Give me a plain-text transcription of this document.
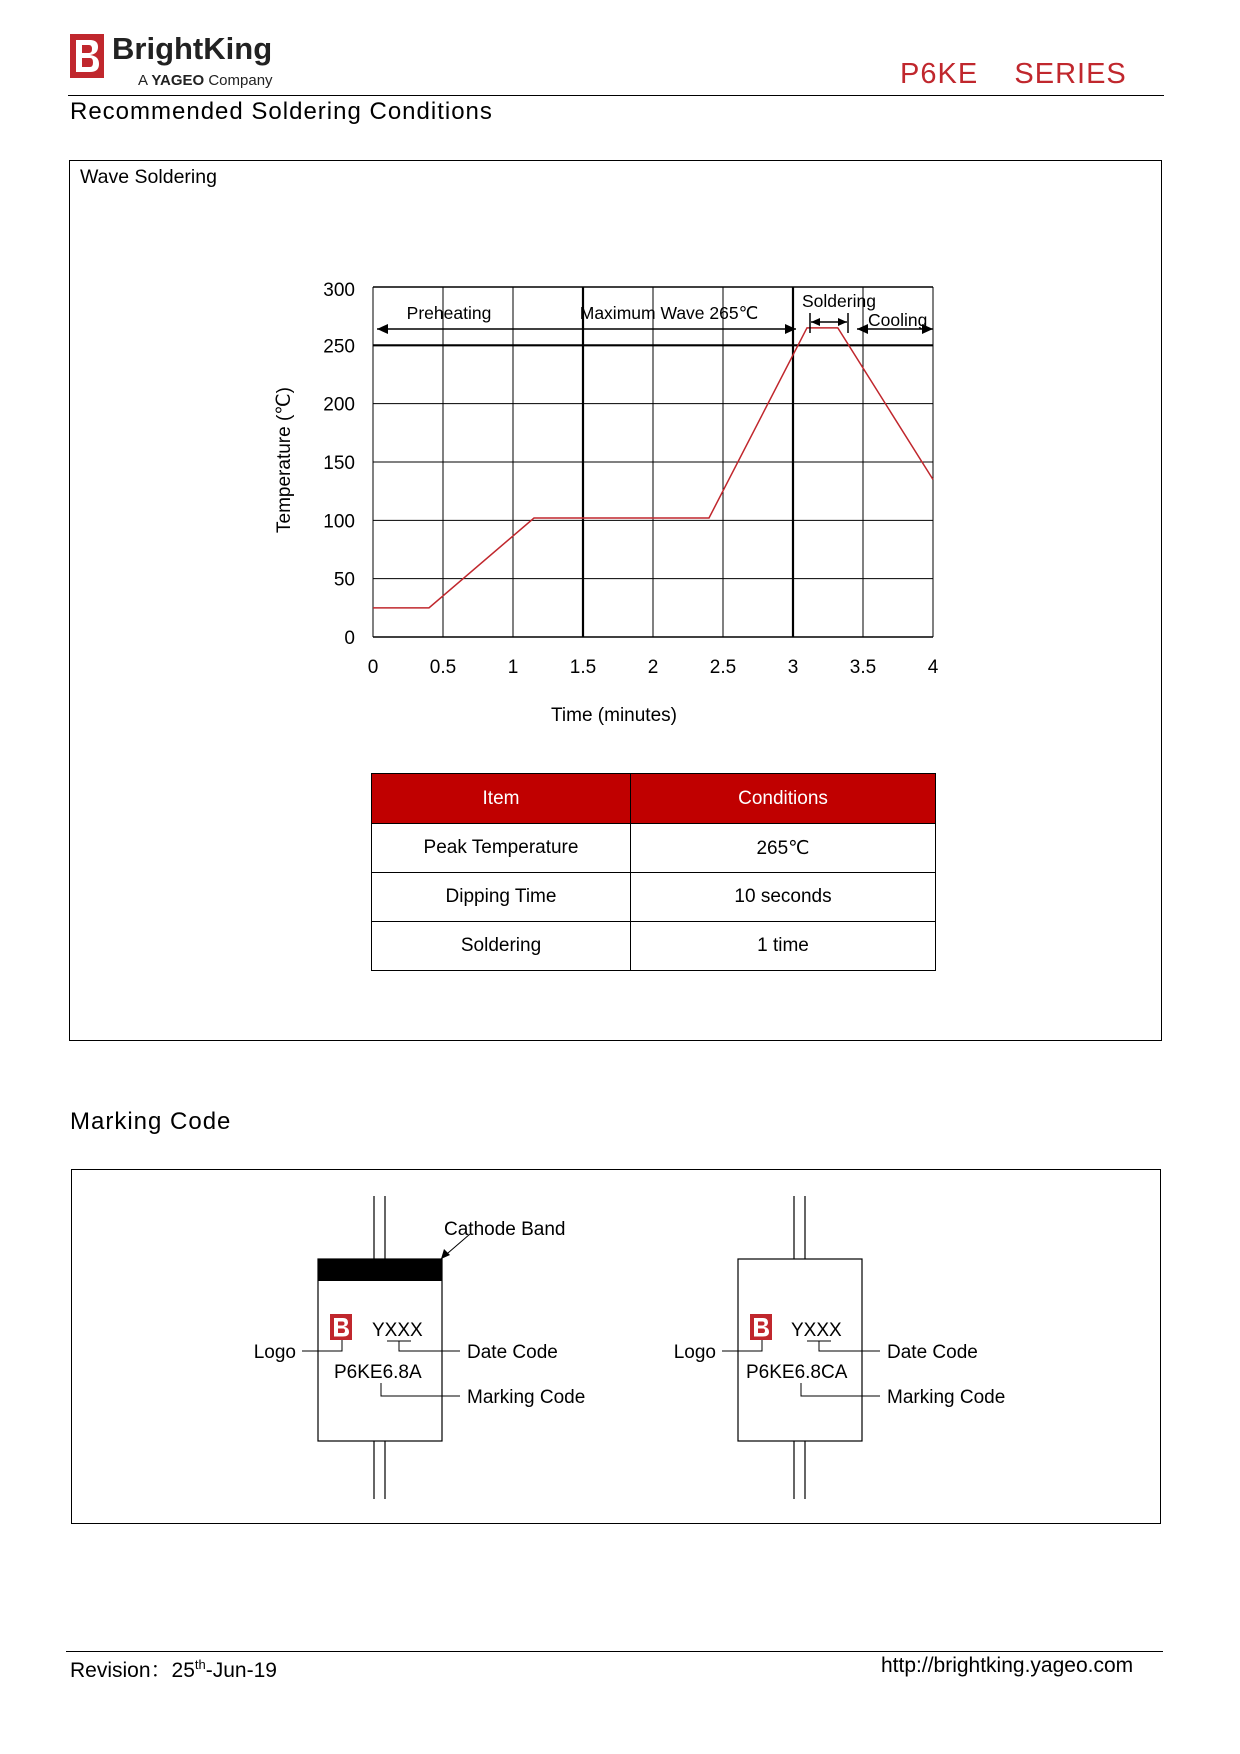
BrightKing
A YAGEO Company	P6KE    SERIES
Recommended Soldering Conditions
Wave Soldering
0	0.5	1	1.5	2	2.5	3	3.5	4
0
50
100
150
200
250
300
Preheating	Maximum Wave 265℃
Soldering
Cooling
Time (minutes)
Temperature (℃)
Item	Conditions
Peak Temperature	265℃
Dipping Time	10 seconds
Soldering	1 time
Marking Code
YXXX
P6KE6.8A
Cathode Band
Logo	Date Code
Marking Code
YXXX
P6KE6.8CA
Logo	Date Code
Marking Code
Revision：25th-Jun-19	http://brightking.yageo.com
